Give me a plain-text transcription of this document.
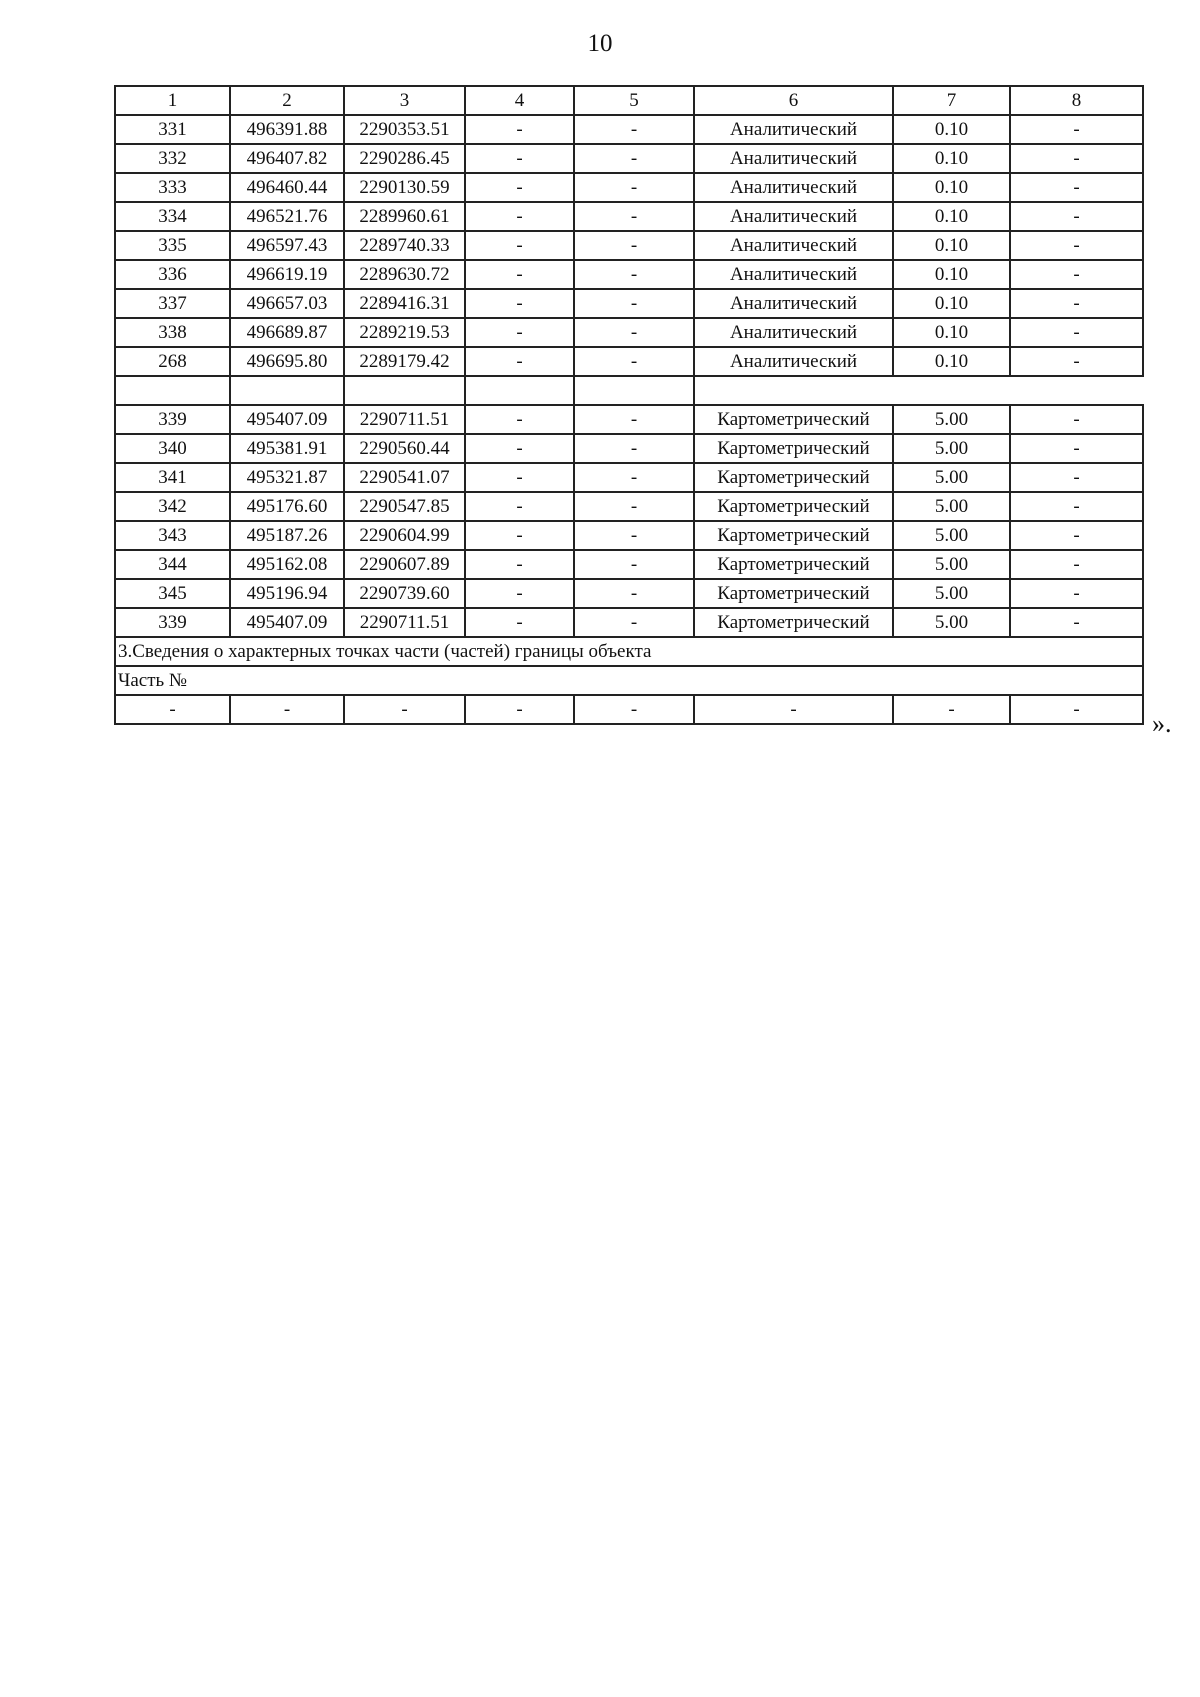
10
1	2	3	4	5	6	7	8
331	496391.88	2290353.51	-	-	Аналитический	0.10	-
332	496407.82	2290286.45	-	-	Аналитический	0.10	-
333	496460.44	2290130.59	-	-	Аналитический	0.10	-
334	496521.76	2289960.61	-	-	Аналитический	0.10	-
335	496597.43	2289740.33	-	-	Аналитический	0.10	-
336	496619.19	2289630.72	-	-	Аналитический	0.10	-
337	496657.03	2289416.31	-	-	Аналитический	0.10	-
338	496689.87	2289219.53	-	-	Аналитический	0.10	-
268	496695.80	2289179.42	-	-	Аналитический	0.10	-

339	495407.09	2290711.51	-	-	Картометрический	5.00	-
340	495381.91	2290560.44	-	-	Картометрический	5.00	-
341	495321.87	2290541.07	-	-	Картометрический	5.00	-
342	495176.60	2290547.85	-	-	Картометрический	5.00	-
343	495187.26	2290604.99	-	-	Картометрический	5.00	-
344	495162.08	2290607.89	-	-	Картометрический	5.00	-
345	495196.94	2290739.60	-	-	Картометрический	5.00	-
339	495407.09	2290711.51	-	-	Картометрический	5.00	-
3.Сведения о характерных точках части (частей) границы объекта							
Часть №							
-	-	-	-	-	-	-	-	».
